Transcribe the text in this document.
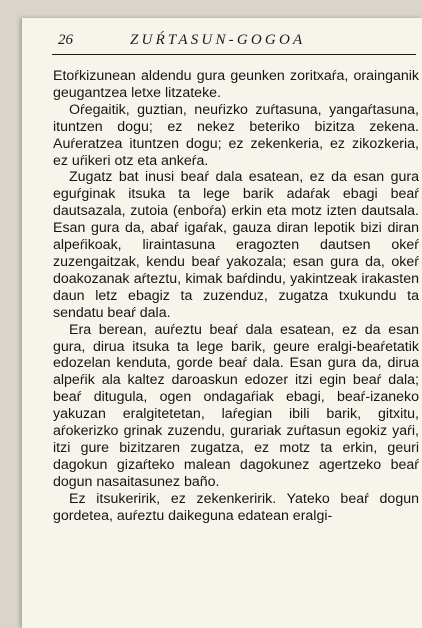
26	ZUŔTASUN-GOGOA

Etoŕkizunean aldendu gura geunken zoritxaŕa, orainganik geugantzea letxe litzateke.

Oŕegaitik, guztian, neuŕizko zuŕtasuna, yangaŕtasuna, ituntzen dogu; ez nekez beteriko bizitza zekena. Auŕeratzea ituntzen dogu; ez zekenkeria, ez zikozkeria, ez uŕikeri otz eta ankeŕa.

Zugatz bat inusi beaŕ dala esatean, ez da esan gura eguŕginak itsuka ta lege barik adaŕak ebagi beaŕ dautsazala, zutoia (enboŕa) erkin eta motz izten dautsala. Esan gura da, abaŕ igaŕak, gauza diran lepotik bizi diran alpeŕikoak, liraintasuna eragozten dautsen okeŕ zuzengaitzak, kendu beaŕ yakozala; esan gura da, okeŕ doakozanak aŕteztu, kimak baŕdindu, yakintzeak irakasten daun letz ebagiz ta zuzenduz, zugatza txukundu ta sendatu beaŕ dala.

Era berean, auŕeztu beaŕ dala esatean, ez da esan gura, dirua itsuka ta lege barik, geure eralgi-beaŕetatik edozelan kenduta, gorde beaŕ dala. Esan gura da, dirua alpeŕik ala kaltez daroaskun edozer itzi egin beaŕ dala; beaŕ ditugula, ogen ondagaŕiak ebagi, beaŕ-izaneko yakuzan eralgitetetan, laŕegian ibili barik, gitxitu, aŕokerizko grinak zuzendu, gurariak zuŕtasun egokiz yaŕi, itzi gure bizitzaren zugatza, ez motz ta erkin, geuri dagokun gizaŕteko malean dagokunez agertzeko beaŕ dogun nasaitasunez baño.

Ez itsukeririk, ez zekenkeririk. Yateko beaŕ dogun gordetea, auŕeztu daikeguna edatean eralgi-
